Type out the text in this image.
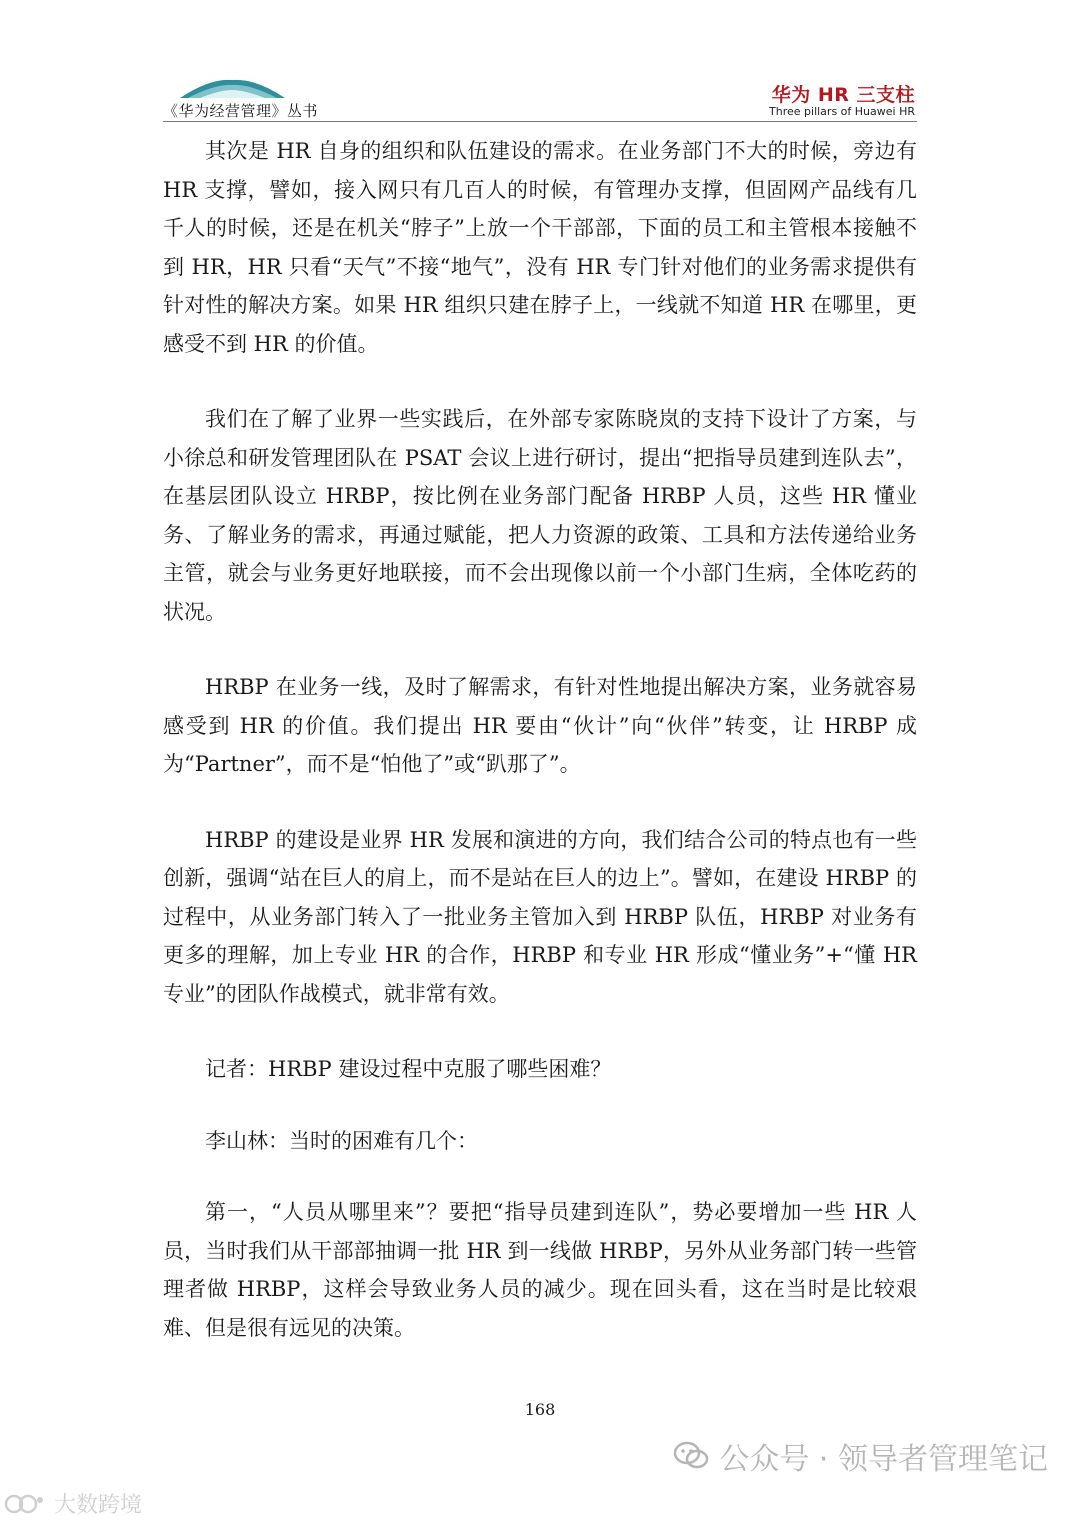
《华为经营管理》丛书
华为 HR 三支柱
Three pillars of Huawei HR

其次是 HR 自身的组织和队伍建设的需求。在业务部门不大的时候，旁边有 HR 支撑，譬如，接入网只有几百人的时候，有管理办支撑，但固网产品线有几千人的时候，还是在机关“脖子”上放一个干部部，下面的员工和主管根本接触不到 HR，HR 只看“天气”不接“地气”，没有 HR 专门针对他们的业务需求提供有针对性的解决方案。如果 HR 组织只建在脖子上，一线就不知道 HR 在哪里，更感受不到 HR 的价值。

我们在了解了业界一些实践后，在外部专家陈晓岚的支持下设计了方案，与小徐总和研发管理团队在 PSAT 会议上进行研讨，提出“把指导员建到连队去”，在基层团队设立 HRBP，按比例在业务部门配备 HRBP 人员，这些 HR 懂业务、了解业务的需求，再通过赋能，把人力资源的政策、工具和方法传递给业务主管，就会与业务更好地联接，而不会出现像以前一个小部门生病，全体吃药的状况。

HRBP 在业务一线，及时了解需求，有针对性地提出解决方案，业务就容易感受到 HR 的价值。我们提出 HR 要由“伙计”向“伙伴”转变，让 HRBP 成为“Partner”，而不是“怕他了”或“趴那了”。

HRBP 的建设是业界 HR 发展和演进的方向，我们结合公司的特点也有一些创新，强调“站在巨人的肩上，而不是站在巨人的边上”。譬如，在建设 HRBP 的过程中，从业务部门转入了一批业务主管加入到 HRBP 队伍，HRBP 对业务有更多的理解，加上专业 HR 的合作，HRBP 和专业 HR 形成“懂业务”+“懂 HR 专业”的团队作战模式，就非常有效。

记者：HRBP 建设过程中克服了哪些困难？

李山林：当时的困难有几个：

第一，“人员从哪里来”？要把“指导员建到连队”，势必要增加一些 HR 人员，当时我们从干部部抽调一批 HR 到一线做 HRBP，另外从业务部门转一些管理者做 HRBP，这样会导致业务人员的减少。现在回头看，这在当时是比较艰难、但是很有远见的决策。

168
公众号 · 领导者管理笔记
大数跨境
